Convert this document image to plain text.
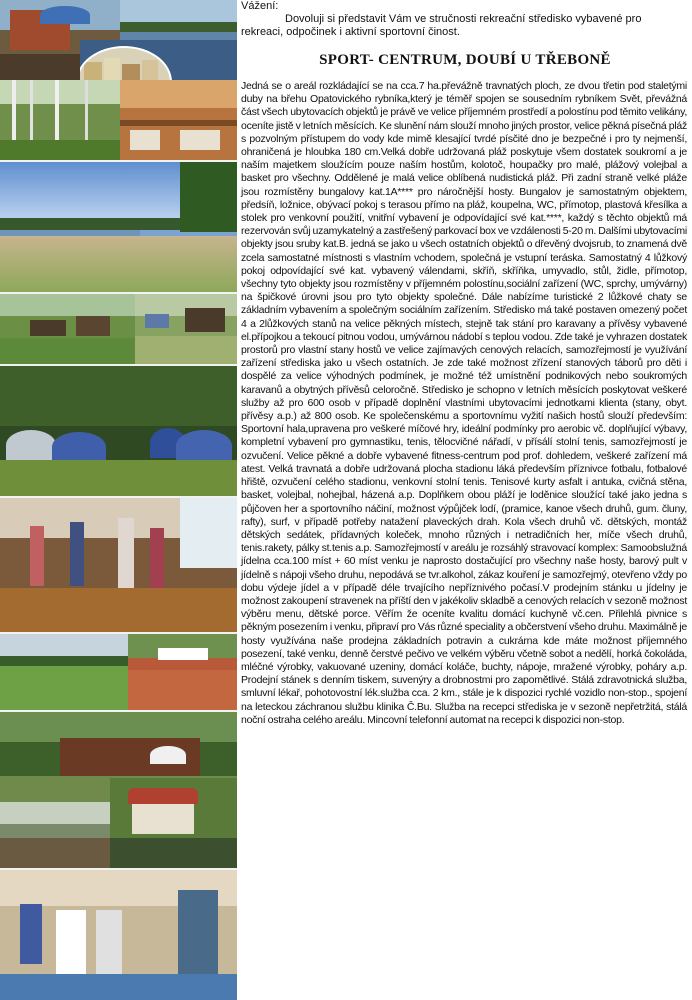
Vážení:
Dovoluji si představit Vám ve stručnosti rekreační středisko vybavené pro rekreaci, odpočinek i aktivní sportovní činost.
SPORT- CENTRUM, DOUBÍ U TŘEBONĚ
Jedná se o areál rozkládající se na cca.7 ha.převážně travnatých ploch, ze dvou třetin pod staletými duby na břehu Opatovického rybníka,který je téměř spojen se sousedním rybníkem Svět, převážná část všech ubytovacích objektů je právě ve velice příjemném prostředí a polostínu pod těmito velikány, oceníte jistě v letních měsících. Ke slunění nám slouží mnoho jiných prostor, velice pěkná písečná pláž s pozvolným přístupem do vody kde mimě klesající tvrdé písčité dno je bezpečné i pro ty nejmenší, ohraničená je hloubka 180 cm.Velká dobře udržovaná pláž poskytuje všem dostatek soukromí a je naším majetkem sloužícím pouze naším hostům, kolotoč, houpačky pro malé, plážový volejbal a basket pro všechny. Oddělené je malá velice oblíbená nudistická pláž. Při zadní straně velké pláže jsou rozmístěny bungalovy kat.1A**** pro náročnější hosty. Bungalov je samostatným objektem, předsíň, ložnice, obývací pokoj s terasou přímo na pláž, koupelna, WC, přímotop, plastová křesílka a stolek pro venkovní použití, vnitřní vybavení je odpovídající své kat.****, každý s těchto objektů má rezervován svůj uzamykatelný a zastřešený parkovací box ve vzdálenosti 5-20 m. Dalšími ubytovacími objekty jsou sruby kat.B. jedná se jako u všech ostatních objektů o dřevěný dvojsrub, to znamená dvě zcela samostatné místnosti s vlastním vchodem, společná je vstupní teráska. Samostatný 4 lůžkový pokoj odpovídající své kat. vybavený válendami, skříň, skříňka, umyvadlo, stůl, židle, přímotop, všechny tyto objekty jsou rozmístěny v příjemném polostínu,sociální zařízení (WC, sprchy, umývárny) na špičkové úrovni jsou pro tyto objekty společné. Dále nabízíme turistické 2 lůžkové chaty se základním vybavením a společným sociálním zařízením. Středisko má také postaven omezený počet 4 a 2lůžkových stanů na velice pěkných místech, stejně tak stání pro karavany a přívěsy vybavené el.přípojkou a tekoucí pitnou vodou, umývárnou nádobí s teplou vodou. Zde také je vyhrazen dostatek prostorů pro vlastní stany hostů ve velice zajímavých cenových relacích, samozřejmostí je využívání zařízení střediska jako u všech ostatních. Je zde také možnost zřízení stanových táborů pro děti i dospělé za velice výhodných podmínek, je možné též umístnění podnikových nebo soukromých karavanů a obytných přívěsů celoročně. Středisko je schopno v letních měsících poskytovat veškeré služby až pro 600 osob v případě doplnění vlastními ubytovacími jednotkami klienta (stany, obyt. přívěsy a.p.) až 800 osob. Ke společenskému a sportovnímu vyžití našich hostů slouží především: Sportovní hala,upravena pro veškeré míčové hry, ideální podmínky pro aerobic vč. doplňující výbavy, kompletní vybavení pro gymnastiku, tenis, tělocvičné nářadí, v přísálí stolní tenis, samozřejmostí je ozvučení. Velice pěkné a dobře vybavené fitness-centrum pod prof. dohledem, veškeré zařízení má atest. Velká travnatá a dobře udržovaná plocha stadionu láká především příznivce fotbalu, fotbalové hřiště, ozvučení celého stadionu, venkovní stolní tenis. Tenisové kurty asfalt i antuka, cvičná stěna, basket, volejbal, nohejbal, házená a.p. Doplňkem obou pláží je loděnice sloužící také jako jedna s půjčoven her a sportovního náčiní, možnost výpůjček lodí, (pramice, kanoe všech druhů, gum. čluny, rafty), surf, v případě potřeby natažení plaveckých drah. Kola všech druhů vč. dětských, montáž dětských sedátek, přídavných koleček, mnoho různých i netradičních her, míče všech druhů, tenis.rakety, pálky st.tenis a.p. Samozřejmostí v areálu je rozsáhlý stravovací komplex: Samoobslužná jídelna cca.100 míst + 60 míst venku je naprosto dostačující pro všechny naše hosty, barový pult v jídelně s nápoji všeho druhu, nepodává se tvr.alkohol, zákaz kouření je samozřejmý, otevřeno vždy po dobu výdeje jídel a v případě déle trvajícího nepříznivého počasí.V prodejním stánku u jídelny je možnost zakoupení stravenek na příští den v jakékoliv skladbě a cenových relacích v sezoně možnost výběru menu, dětské porce. Věřím že oceníte kvalitu domácí kuchyně vč.cen. Přilehlá pivnice s pěkným posezením i venku, připraví pro Vás různé speciality a občerstvení všeho druhu. Maximálně je hosty využívána naše prodejna základních potravin a cukrárna kde máte možnost příjemného posezení, také venku, denně čerstvé pečivo ve velkém výběru včetně sobot a nedělí, horká čokoláda, mléčné výrobky, vakuované uzeniny, domácí koláče, buchty, nápoje, mražené výrobky, poháry a.p. Prodejní stánek s denním tiskem, suvenýry a drobnostmi pro zapomětlivé. Stálá zdravotnická služba, smluvní lékař, pohotovostní lék.služba cca. 2 km., stále je k dispozici rychlé vozidlo non-stop., spojení na leteckou záchranou službu klinika Č.Bu. Služba na recepci střediska je v sezoně nepřetržitá, stálá noční ostraha celého areálu. Mincovní telefonní automat na recepci k dispozici non-stop.
